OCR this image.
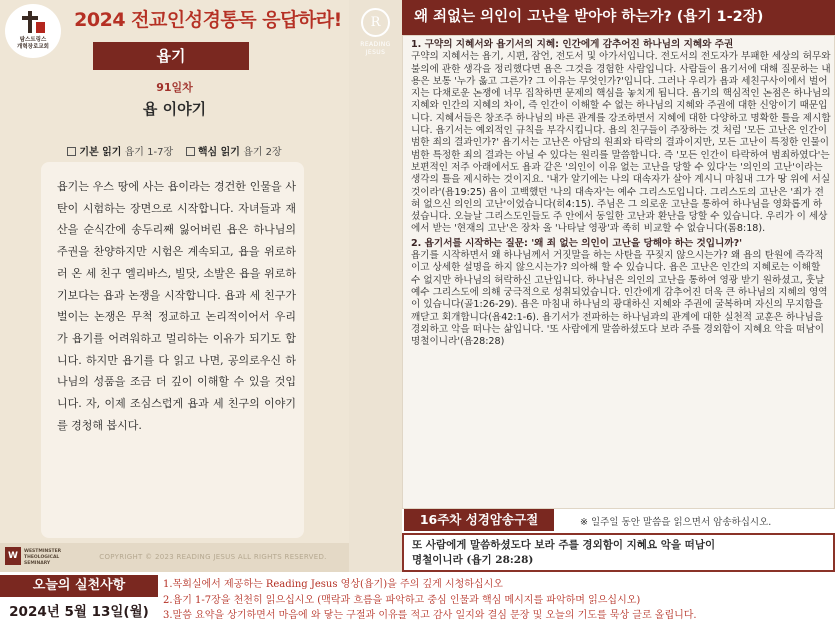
탐스트링스
개혁장로교회
2024 전교인성경통독 응답하라!
욥기
91일차
욥 이야기
기본 읽기 욥기 1-7장 핵심 읽기 욥기 2장
욥기는 우스 땅에 사는 욥이라는 경건한 인물을 사탄이 시험하는 장면으로 시작합니다. 자녀들과 재산을 순식간에 송두리째 잃어버린 욥은 하나님의 주권을 찬양하지만 시험은 계속되고, 욥을 위로하러 온 세 친구 엘리바스, 빌닷, 소발은 욥을 위로하기보다는 욥과 논쟁을 시작합니다. 욥과 세 친구가 벌이는 논쟁은 무척 정교하고 논리적이어서 우리가 욥기를 어려워하고 멀리하는 이유가 되기도 합니다. 하지만 욥기를 다 읽고 나면, 공의로우신 하나님의 성품을 조금 더 깊이 이해할 수 있을 것입니다. 자, 이제 조심스럽게 욥과 세 친구의 이야기를 경청해 봅시다.
W	WESTMINSTER
THEOLOGICAL
SEMINARY
COPYRIGHT © 2023 READING JESUS ALL RIGHTS RESERVED.
R
READING
JESUS
왜 죄없는 의인이 고난을 받아야 하는가? (욥기 1-2장)
1. 구약의 지혜서와 욥기서의 지혜: 인간에게 감추어진 하나님의 지혜와 주권
구약의 지혜서는 욥기, 시편, 잠언, 전도서 및 아가서입니다. 전도서의 전도자가 부패한 세상의 허무와 불의에 관한 생각을 정리했다면 욥은 그것을 경험한 사람입니다. 사람들이 욥기서에 대해 질문하는 내용은 보통 '누가 옳고 그른가? 그 이유는 무엇인가?'입니다. 그러나 우리가 욥과 세친구사이에서 벌어지는 다채로운 논쟁에 너무 집착하면 문제의 핵심을 놓치게 됩니다. 욥기의 핵심적인 논점은 하나님의 지혜와 인간의 지혜의 차이, 즉 인간이 이해할 수 없는 하나님의 지혜와 주권에 대한 신앙이기 때문입니다. 지혜서들은 창조주 하나님의 바른 관계를 강조하면서 지혜에 대한 다양하고 명확한 틀을 제시합니다. 욥기서는 예외적인 규칙을 부각시킵니다. 욥의 친구들이 주장하는 것 처럼 '모든 고난은 인간이 범한 죄의 결과인가?' 욥기서는 고난은 아담의 원죄와 타락의 결과이지만, 모든 고난이 특정한 인물이 범한 특정한 죄의 결과는 아닐 수 있다는 원리를 말씀합니다. 즉 '모든 인간이 타락하여 범죄하였다'는 보편적인 저주 아래에서도 욥과 같은 '의인이 이유 없는 고난을 당할 수 있다'는 '의인의 고난'이라는 생각의 틀을 제시하는 것이지요. '내가 알기에는 나의 대속자가 살아 계시니 마침내 그가 땅 위에 서실 것이라'(욥19:25) 욥이 고백했던 '나의 대속자'는 예수 그리스도입니다. 그리스도의 고난은 '죄가 전혀 없으신 의인의 고난'이었습니다(히4:15). 주님은 그 의로운 고난을 통하여 하나님을 영화롭게 하셨습니다. 오늘날 그리스도인들도 주 안에서 동일한 고난과 환난을 당할 수 있습니다. 우리가 이 세상에서 받는 '현재의 고난'은 장차 올 '나타날 영광'과 족히 비교할 수 없습니다(롬8:18).
2. 욥기서를 시작하는 질문: '왜 죄 없는 의인이 고난을 당해야 하는 것입니까?'
욥기를 시작하면서 왜 하나님께서 거짓말을 하는 사탄을 꾸짖지 않으시는가? 왜 욥의 탄원에 즉각적이고 상세한 설명을 하지 않으시는가? 의아해 할 수 있습니다. 욥은 고난은 인간의 지혜로는 이해할 수 없지만 하나님의 허락하신 고난입니다. 하나님은 의인의 고난을 통하여 영광 받기 원하셨고, 훗날 예수 그리스도에 의해 궁극적으로 성취되었습니다. 인간에게 감추어진 더욱 큰 하나님의 지혜의 영역이 있습니다(골1:26-29). 욥은 마침내 하나님의 광대하신 지혜와 주권에 굴복하며 자신의 무지함을 깨닫고 회개합니다(욥42:1-6). 욥기서가 전파하는 하나님과의 관계에 대한 실천적 교훈은 하나님을 경외하고 악을 떠나는 삶입니다. '또 사람에게 말씀하셨도다 보라 주를 경외함이 지혜요 악을 떠남이 명철이니라'(욥28:28)
16주차 성경암송구절	※ 일주일 동안 말씀을 읽으면서 암송하십시오.
또 사람에게 말씀하셨도다 보라 주를 경외함이 지혜요 악을 떠남이
명철이니라 (욥기 28:28)
오늘의 실천사항
2024년 5월 13일(월)
1.목회실에서 제공하는 Reading Jesus 영상(욥기)을 주의 깊게 시청하십시오
2.욥기 1-7장을 천천히 읽으십시오 (맥락과 흐름을 파악하고 중심 인물과 핵심 메시지를 파악하며 읽으십시오)
3.말씀 요약을 상기하면서 마음에 와 닿는 구절과 이유를 적고 감사 일지와 결심 문장 및 오늘의 기도를 묵상 글로 올립니다.
